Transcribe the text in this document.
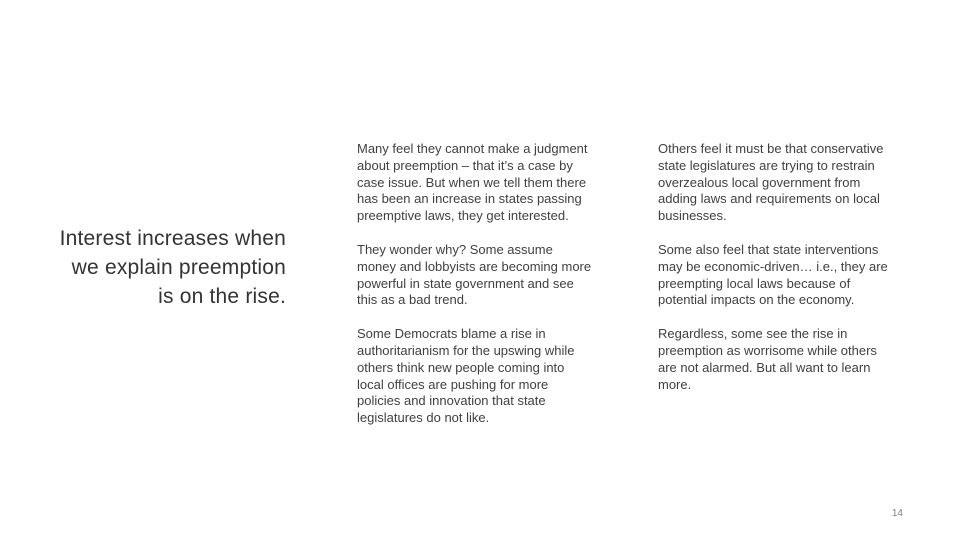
Interest increases when we explain preemption is on the rise.

Many feel they cannot make a judgment about preemption – that it’s a case by case issue. But when we tell them there has been an increase in states passing preemptive laws, they get interested.

They wonder why? Some assume money and lobbyists are becoming more powerful in state government and see this as a bad trend.

Some Democrats blame a rise in authoritarianism for the upswing while others think new people coming into local offices are pushing for more policies and innovation that state legislatures do not like.

Others feel it must be that conservative state legislatures are trying to restrain overzealous local government from adding laws and requirements on local businesses.

Some also feel that state interventions may be economic-driven… i.e., they are preempting local laws because of potential impacts on the economy.

Regardless, some see the rise in preemption as worrisome while others are not alarmed. But all want to learn more.

14
